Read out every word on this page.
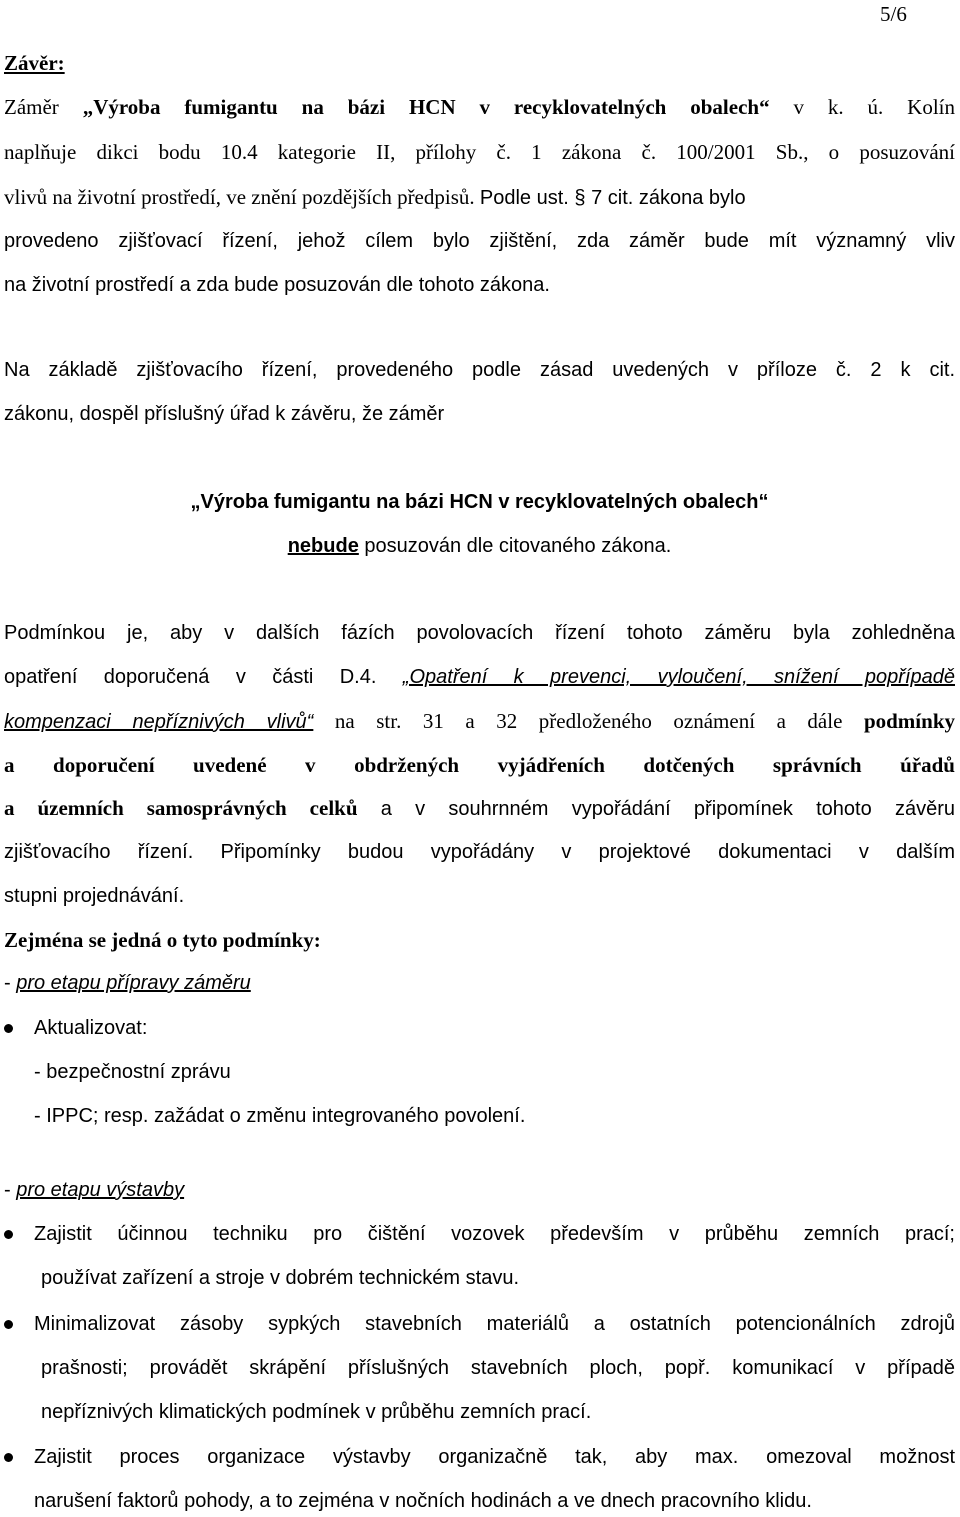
5/6
Závěr:
Záměr „Výroba fumigantu na bázi HCN v recyklovatelných obalech“ v k. ú. Kolín
naplňuje dikci bodu 10.4 kategorie II, přílohy č. 1 zákona č. 100/2001 Sb., o posuzování
vlivů na životní prostředí, ve znění pozdějších předpisů. Podle ust. § 7 cit. zákona bylo
provedeno zjišťovací řízení, jehož cílem bylo zjištění, zda záměr bude mít významný vliv
na životní prostředí a zda bude posuzován dle tohoto zákona.
Na základě zjišťovacího řízení, provedeného podle zásad uvedených v příloze č. 2 k cit.
zákonu, dospěl příslušný úřad k závěru, že záměr
„Výroba fumigantu na bázi HCN v recyklovatelných obalech“
nebude posuzován dle citovaného zákona.
Podmínkou je, aby v dalších fázích povolovacích řízení tohoto záměru byla zohledněna
opatření doporučená v části D.4. „Opatření k prevenci, vyloučení, snížení popřípadě
kompenzaci nepříznivých vlivů“ na str. 31 a 32 předloženého oznámení a dále podmínky
a doporučení uvedené v obdržených vyjádřeních dotčených správních úřadů
a územních samosprávných celků a v souhrnném vypořádání připomínek tohoto závěru
zjišťovacího řízení. Připomínky budou vypořádány v projektové dokumentaci v dalším
stupni projednávání.
Zejména se jedná o tyto podmínky:
- pro etapu přípravy záměru
Aktualizovat:
- bezpečnostní zprávu
- IPPC; resp. zažádat o změnu integrovaného povolení.
- pro etapu výstavby
Zajistit účinnou techniku pro čištění vozovek především v průběhu zemních prací;
používat zařízení a stroje v dobrém technickém stavu.
Minimalizovat zásoby sypkých stavebních materiálů a ostatních potencionálních zdrojů
prašnosti; provádět skrápění příslušných stavebních ploch, popř. komunikací v případě
nepříznivých klimatických podmínek v průběhu zemních prací.
Zajistit proces organizace výstavby organizačně tak, aby max. omezoval možnost
narušení faktorů pohody, a to zejména v nočních hodinách a ve dnech pracovního klidu.
